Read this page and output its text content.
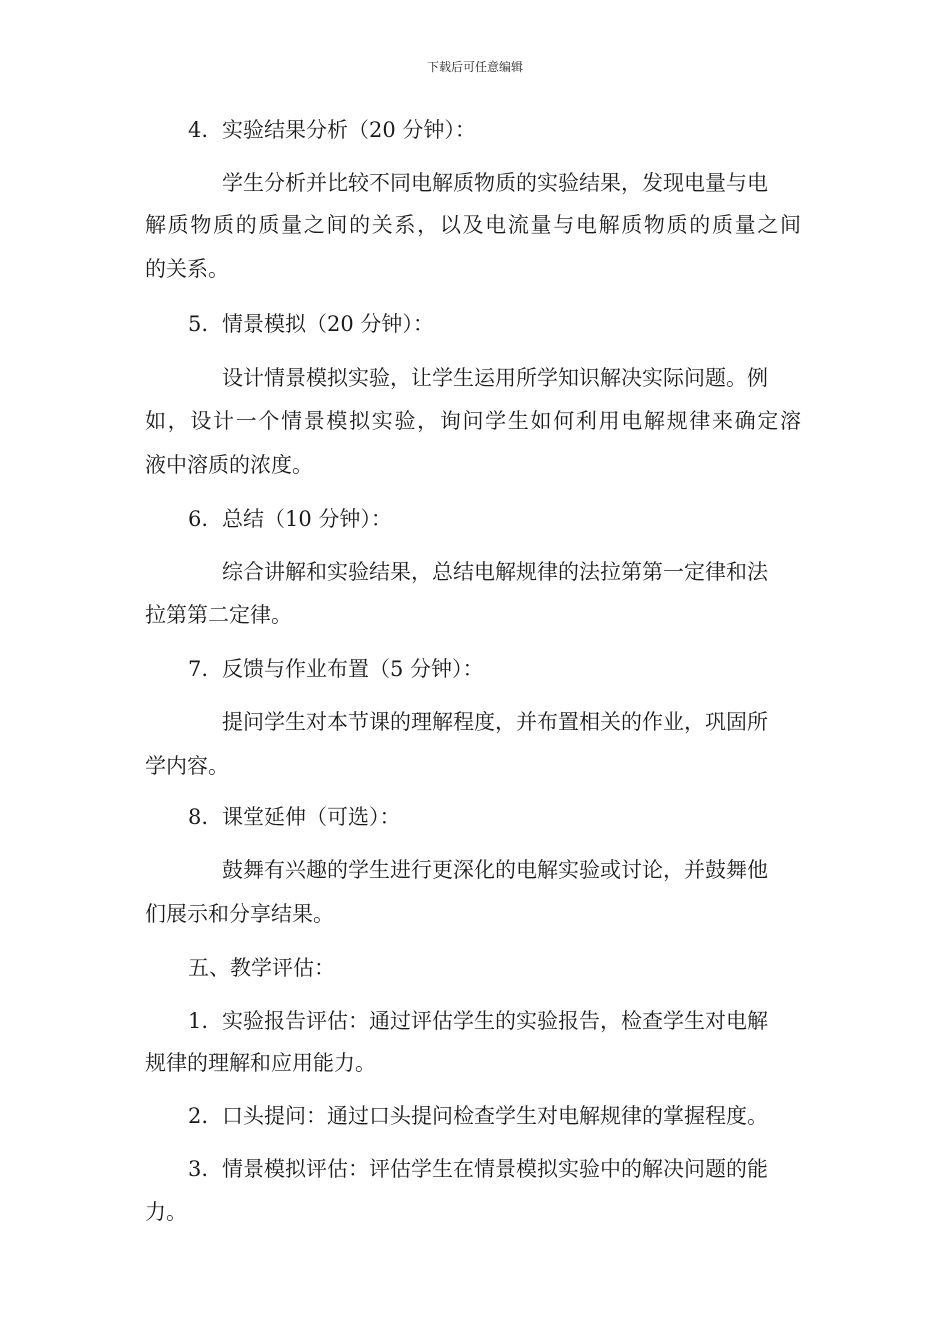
下载后可任意编辑
4. 实验结果分析（20 分钟）：
学生分析并比较不同电解质物质的实验结果，发现电量与电
解质物质的质量之间的关系，以及电流量与电解质物质的质量之间
的关系。
5. 情景模拟（20 分钟）：
设计情景模拟实验，让学生运用所学知识解决实际问题。例
如，设计一个情景模拟实验，询问学生如何利用电解规律来确定溶
液中溶质的浓度。
6. 总结（10 分钟）：
综合讲解和实验结果，总结电解规律的法拉第第一定律和法
拉第第二定律。
7. 反馈与作业布置（5 分钟）：
提问学生对本节课的理解程度，并布置相关的作业，巩固所
学内容。
8. 课堂延伸（可选）：
鼓舞有兴趣的学生进行更深化的电解实验或讨论，并鼓舞他
们展示和分享结果。
五、教学评估：
1. 实验报告评估：通过评估学生的实验报告，检查学生对电解
规律的理解和应用能力。
2. 口头提问：通过口头提问检查学生对电解规律的掌握程度。
3. 情景模拟评估：评估学生在情景模拟实验中的解决问题的能
力。
